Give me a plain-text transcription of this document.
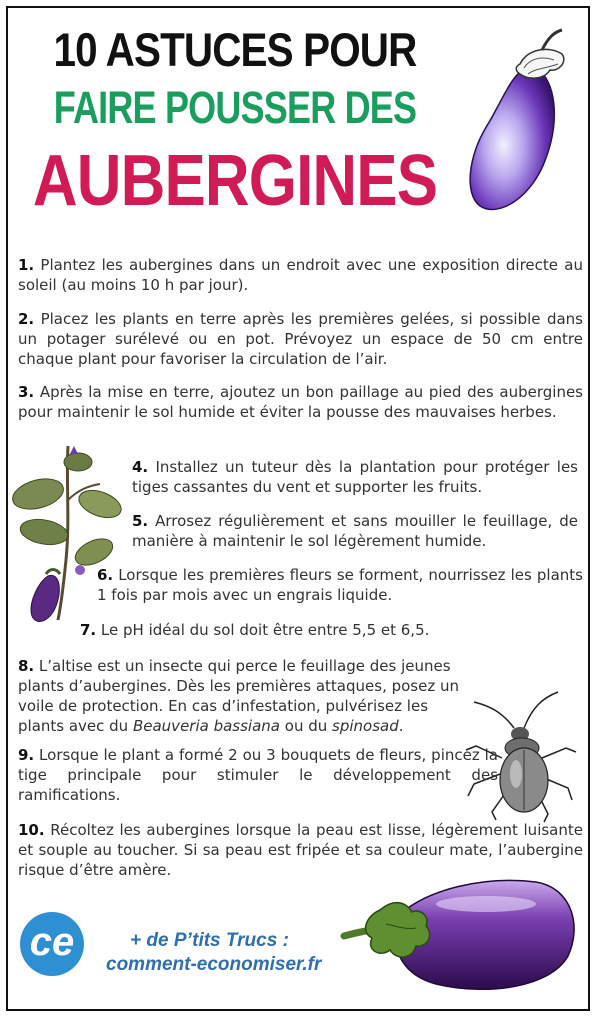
10 ASTUCES POUR
FAIRE POUSSER DES
AUBERGINES
1. Plantez les aubergines dans un endroit avec une exposition directe au soleil (au moins 10 h par jour).
2. Placez les plants en terre après les premières gelées, si possible dans un potager surélevé ou en pot. Prévoyez un espace de 50 cm entre chaque plant pour favoriser la circulation de l’air.
3. Après la mise en terre, ajoutez un bon paillage au pied des aubergines pour maintenir le sol humide et éviter la pousse des mauvaises herbes.
4. Installez un tuteur dès la plantation pour protéger les tiges cassantes du vent et supporter les fruits.
5. Arrosez régulièrement et sans mouiller le feuillage, de manière à maintenir le sol légèrement humide.
6. Lorsque les premières fleurs se forment, nourrissez les plants 1 fois par mois avec un engrais liquide.
7. Le pH idéal du sol doit être entre 5,5 et 6,5.
8. L’altise est un insecte qui perce le feuillage des jeunes plants d’aubergines. Dès les premières attaques, posez un voile de protection. En cas d’infestation, pulvérisez les plants avec du Beauveria bassiana ou du spinosad.
9. Lorsque le plant a formé 2 ou 3 bouquets de fleurs, pincez la tige principale pour stimuler le développement des ramifications.
10. Récoltez les aubergines lorsque la peau est lisse, légèrement luisante et souple au toucher. Si sa peau est fripée et sa couleur mate, l’aubergine risque d’être amère.
ce	+ de P’tits Trucs :
comment-economiser.fr
